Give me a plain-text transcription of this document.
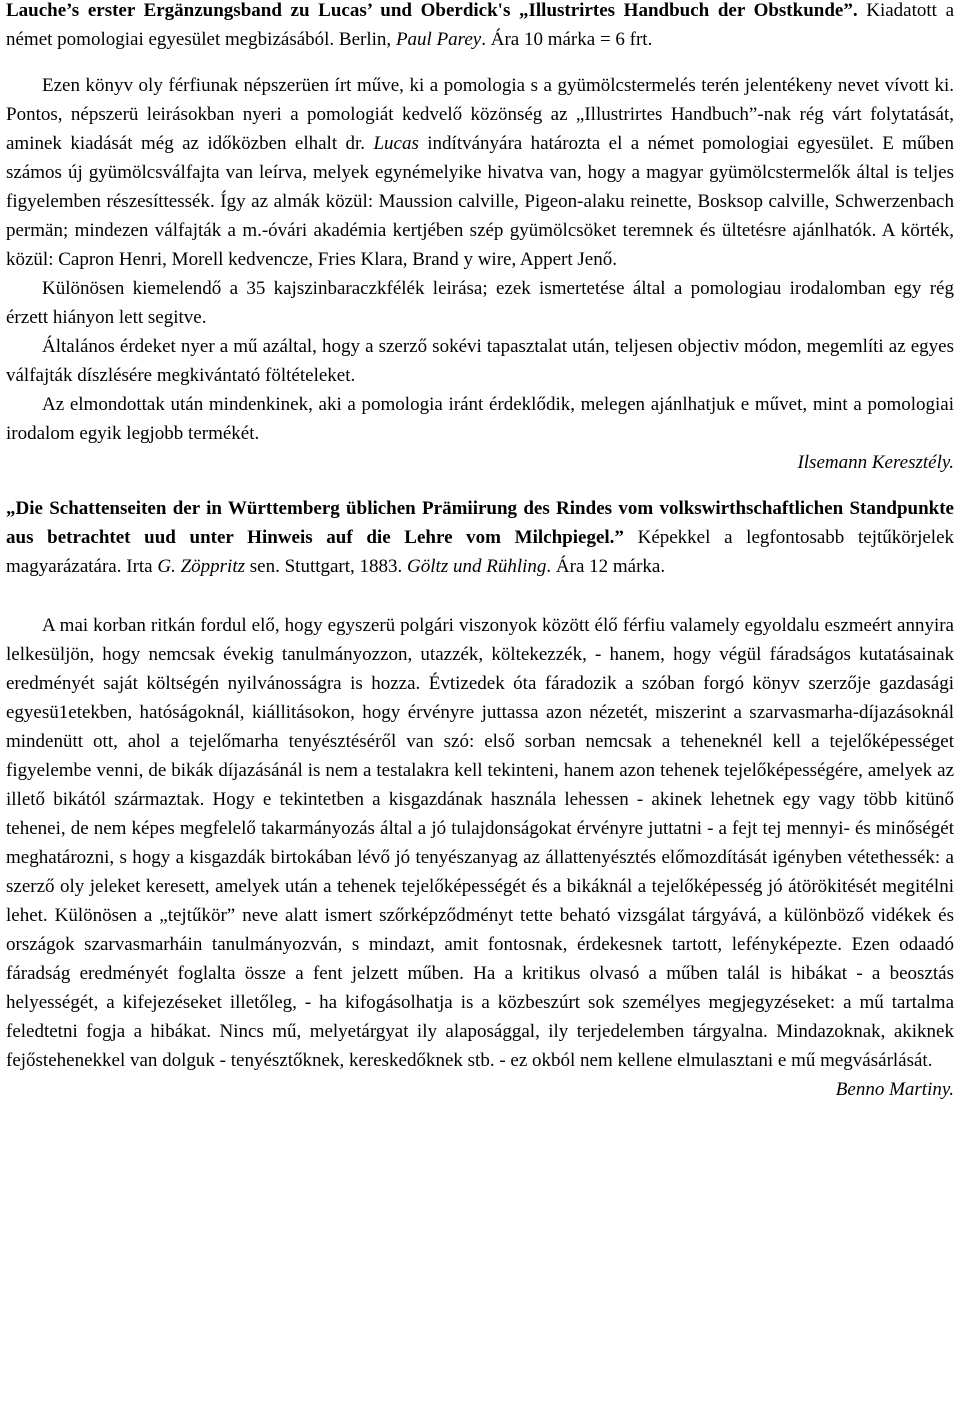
Lauche’s erster Ergänzungsband zu Lucas’ und Oberdick's „Illustrirtes Handbuch der Obstkunde”. Kiadatott a német pomologiai egyesület megbizásából. Berlin, Paul Parey. Ára 10 márka = 6 frt.

Ezen könyv oly férfiunak népszerüen írt műve, ki a pomologia s a gyümölcstermelés terén jelentékeny nevet vívott ki. Pontos, népszerü leirásokban nyeri a pomologiát kedvelő közönség az „Illustrirtes Handbuch”-nak rég várt folytatását, aminek kiadását még az időközben elhalt dr. Lucas indítványára határozta el a német pomologiai egyesület. E műben számos új gyümölcsválfajta van leírva, melyek egynémelyike hivatva van, hogy a magyar gyümölcstermelők által is teljes figyelemben részesíttessék. Így az almák közül: Maussion calville, Pigeon-alaku reinette, Bosksop calville, Schwerzenbach permän; mindezen válfajták a m.-óvári akadémia kertjében szép gyümölcsöket teremnek és ültetésre ajánlhatók. A körték, közül: Capron Henri, Morell kedvencze, Fries Klara, Brand y wire, Appert Jenő.

Különösen kiemelendő a 35 kajszinbaraczkfélék leirása; ezek ismertetése által a pomologiau irodalomban egy rég érzett hiányon lett segitve.

Általános érdeket nyer a mű azáltal, hogy a szerző sokévi tapasztalat után, teljesen objectiv módon, megemlíti az egyes válfajták díszlésére megkivántató föltételeket.

Az elmondottak után mindenkinek, aki a pomologia iránt érdeklődik, melegen ajánlhatjuk e művet, mint a pomologiai irodalom egyik legjobb termékét.

Ilsemann Keresztély.

„Die Schattenseiten der in Württemberg üblichen Prämiirung des Rindes vom volkswirthschaftlichen Standpunkte aus betrachtet uud unter Hinweis auf die Lehre vom Milchpiegel.” Képekkel a legfontosabb tejtűkörjelek magyarázatára. Irta G. Zöppritz sen. Stuttgart, 1883. Göltz und Rühling. Ára 12 márka.

A mai korban ritkán fordul elő, hogy egyszerü polgári viszonyok között élő férfiu valamely egyoldalu eszmeért annyira lelkesüljön, hogy nemcsak évekig tanulmányozzon, utazzék, költekezzék, - hanem, hogy végül fáradságos kutatásainak eredményét saját költségén nyilvánosságra is hozza. Évtizedek óta fáradozik a szóban forgó könyv szerzője gazdasági egyesü1etekben, hatóságoknál, kiállitásokon, hogy érvényre juttassa azon nézetét, miszerint a szarvasmarha-díjazásoknál mindenütt ott, ahol a tejelőmarha tenyésztéséről van szó: első sorban nemcsak a teheneknél kell a tejelőképességet figyelembe venni, de bikák díjazásánál is nem a testalakra kell tekinteni, hanem azon tehenek tejelőképességére, amelyek az illető bikától származtak. Hogy e tekintetben a kisgazdának használa lehessen - akinek lehetnek egy vagy több kitünő tehenei, de nem képes megfelelő takarmányozás által a jó tulajdonságokat érvényre juttatni - a fejt tej mennyi- és minőségét meghatározni, s hogy a kisgazdák birtokában lévő jó tenyészanyag az állattenyésztés előmozdítását igényben vétethessék: a szerző oly jeleket keresett, amelyek után a tehenek tejelőképességét és a bikáknál a tejelőképesség jó átörökitését megitélni lehet. Különösen a „tejtűkör” neve alatt ismert szőrképződményt tette beható vizsgálat tárgyává, a különböző vidékek és országok szarvasmarháin tanulmányozván, s mindazt, amit fontosnak, érdekesnek tartott, lefényképezte. Ezen odaadó fáradság eredményét foglalta össze a fent jelzett műben. Ha a kritikus olvasó a műben talál is hibákat - a beosztás helyességét, a kifejezéseket illetőleg, - ha kifogásolhatja is a közbeszúrt sok személyes megjegyzéseket: a mű tartalma feledtetni fogja a hibákat. Nincs mű, melyetárgyat ily alaposággal, ily terjedelemben tárgyalna. Mindazoknak, akiknek fejőstehenekkel van dolguk - tenyésztőknek, kereskedőknek stb. - ez okból nem kellene elmulasztani e mű megvásárlását.

Benno Martiny.
